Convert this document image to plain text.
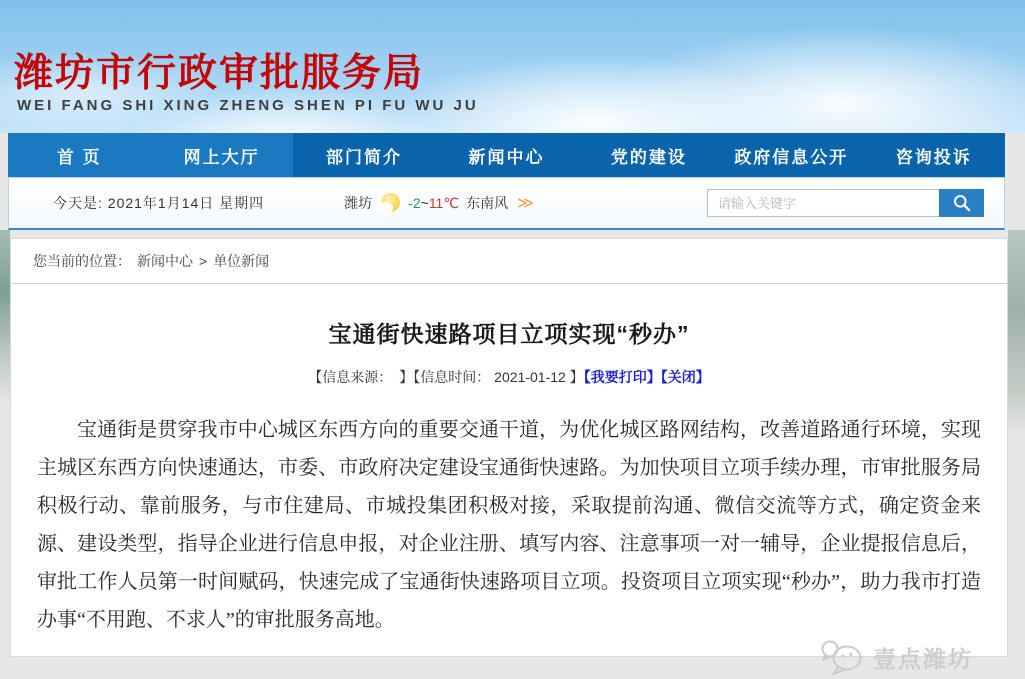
潍坊市行政审批服务局
WEI FANG SHI XING ZHENG SHEN PI FU WU JU
首 页	网上大厅	部门简介	新闻中心	党的建设	政府信息公开	咨询投诉
今天是: 2021年1月14日 星期四	潍坊	-2~11℃ 东南风 ≫
请输入关键字
您当前的位置： 新闻中心 > 单位新闻
宝通街快速路项目立项实现“秒办”
【信息来源：　】【信息时间： 2021-01-12 】【我要打印】【关闭】
宝通街是贯穿我市中心城区东西方向的重要交通干道，为优化城区路网结构，改善道路通行环境，实现主城区东西方向快速通达，市委、市政府决定建设宝通街快速路。为加快项目立项手续办理，市审批服务局积极行动、靠前服务，与市住建局、市城投集团积极对接，采取提前沟通、微信交流等方式，确定资金来源、建设类型，指导企业进行信息申报，对企业注册、填写内容、注意事项一对一辅导，企业提报信息后，审批工作人员第一时间赋码，快速完成了宝通街快速路项目立项。投资项目立项实现“秒办”，助力我市打造办事“不用跑、不求人”的审批服务高地。
壹点潍坊
